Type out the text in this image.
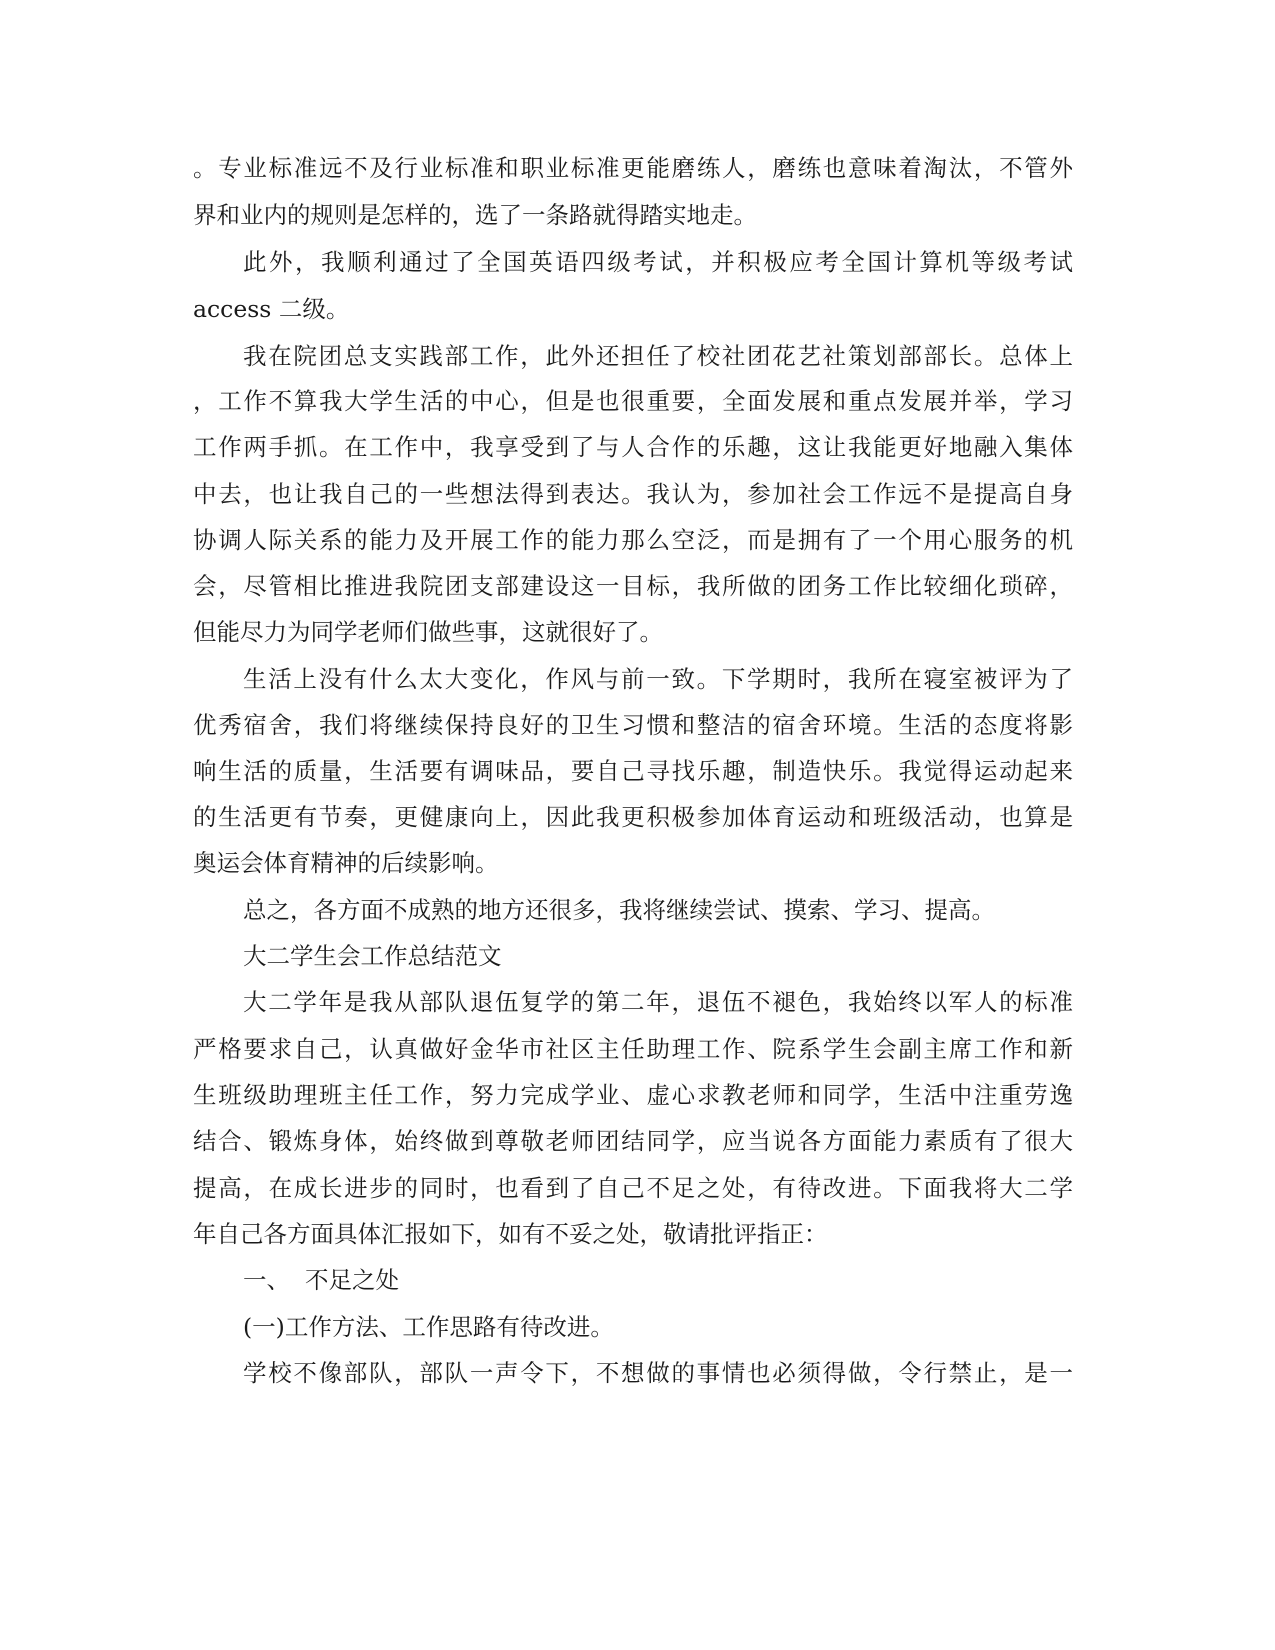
。专业标准远不及行业标准和职业标准更能磨练人，磨练也意味着淘汰，不管外
界和业内的规则是怎样的，选了一条路就得踏实地走。
此外，我顺利通过了全国英语四级考试，并积极应考全国计算机等级考试
access 二级。
我在院团总支实践部工作，此外还担任了校社团花艺社策划部部长。总体上
，工作不算我大学生活的中心，但是也很重要，全面发展和重点发展并举，学习
工作两手抓。在工作中，我享受到了与人合作的乐趣，这让我能更好地融入集体
中去，也让我自己的一些想法得到表达。我认为，参加社会工作远不是提高自身
协调人际关系的能力及开展工作的能力那么空泛，而是拥有了一个用心服务的机
会，尽管相比推进我院团支部建设这一目标，我所做的团务工作比较细化琐碎，
但能尽力为同学老师们做些事，这就很好了。
生活上没有什么太大变化，作风与前一致。下学期时，我所在寝室被评为了
优秀宿舍，我们将继续保持良好的卫生习惯和整洁的宿舍环境。生活的态度将影
响生活的质量，生活要有调味品，要自己寻找乐趣，制造快乐。我觉得运动起来
的生活更有节奏，更健康向上，因此我更积极参加体育运动和班级活动，也算是
奥运会体育精神的后续影响。
总之，各方面不成熟的地方还很多，我将继续尝试、摸索、学习、提高。
大二学生会工作总结范文
大二学年是我从部队退伍复学的第二年，退伍不褪色，我始终以军人的标准
严格要求自己，认真做好金华市社区主任助理工作、院系学生会副主席工作和新
生班级助理班主任工作，努力完成学业、虚心求教老师和同学，生活中注重劳逸
结合、锻炼身体，始终做到尊敬老师团结同学，应当说各方面能力素质有了很大
提高，在成长进步的同时，也看到了自己不足之处，有待改进。下面我将大二学
年自己各方面具体汇报如下，如有不妥之处，敬请批评指正：
一、  不足之处
(一)工作方法、工作思路有待改进。
学校不像部队，部队一声令下，不想做的事情也必须得做，令行禁止，是一
